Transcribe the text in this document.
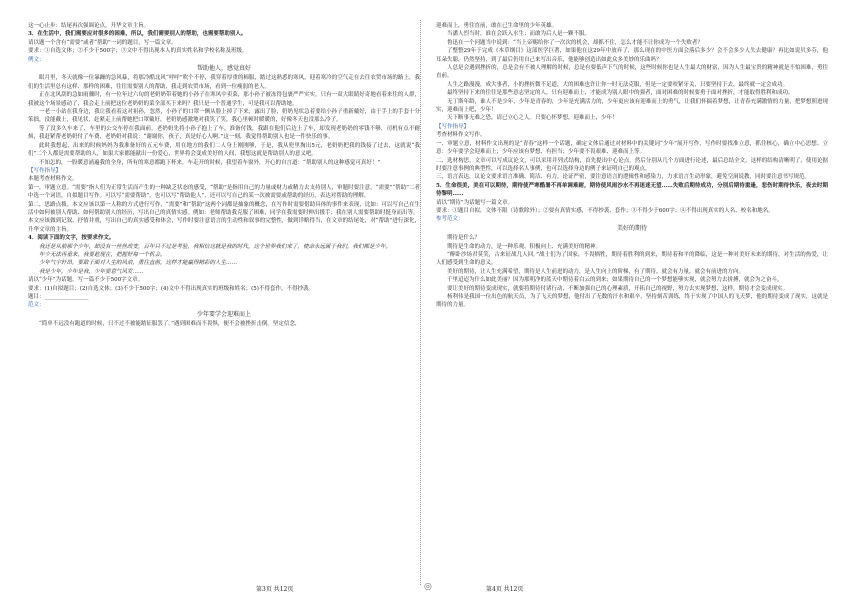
这一心止步：结尾再次强调论点，升华文章主旨。

3．在生活中，我们需要应对很多的困难，所以，我们需要别人的帮助，也需要帮助别人。

请以题一个含有“需要”或者“帮助”一词的题目，写一篇文章。

要求：①自选文体；②不少于500字；③文中不得出现本人的真实姓名和学校名称及班级。

例文：

帮助他人，感觉真好

眼月里，冬天就像一位暴躁的急风暴，将那冷酷北风“呼呼”吹个不停，我穿着厚重的棉服，踏过这熟悉的寒风，迎着寒冷的空气走在去往农贸市场的路上，我们的生活里总有这样、那样的困难，往往需要别人的帮助，我走到农贸市场，看到一位瘦弱的老人。

正在北风刮的急如雨骤时，有一位年过六旬的老奶奶带着她的小孙子在寒风中卖菜，那小孙子被冻得包裹严严实实，只有一双大眼睛好奇地看着来往的人群，我被这个场景感动了，我会走上前把这位老奶奶的菜全部买下来吗？我只是一个普通学生，可是我可以帮助她。

一老一小站在我身边，我让我看着这对祖孙，忽然，小孙子的口罩一侧从脸上掉了下来，露出了脸，奶奶见状急着要给小孙子重新戴好，由于手上的手套十分笨拙，没能戴上，我见状，赶紧走上前帮她把口罩戴好，老奶奶感激地对我笑了笑，我心里顿时暖暖的，好像冬天也没那么冷了。

等了没多久车来了，车里的公交车停在我面前，老奶奶先将小孙子抱上了车，准备付钱，我跟在他们后边上了车，却发现老奶奶的零钱不够，司机有点不耐烦，我赶紧帮老奶奶付了车费，老奶奶对我说：“谢谢你，孩子，真是好心人啊。”这一刻，我觉得帮助别人也是一件快乐的事。

此时我想起，出来的时候妈妈为我准备好的五元车费，用在地方的我们二人身上刚刚够，于是，我从兜里掏出5元，老奶奶把我的钱接了过去，这就说“我们”二个人都是需要帮助的人，如果大家都能献出一份爱心，世界将会变成美好的人间，我想这就是帮助别人的意义吧。

不知怎的，一股暖意涌遍我的全身，所有的寒意都跑下杯来，车走开的时候，我望着车窗外，开心的自言道：“帮助别人的这种感觉可真好！”

【写作指导】

本题考查材料作文。

第一，审题立意。“需要”指人们为正常生活而产生的一种缺乏状态的感受，“帮助”是指用自己的力量或财力或精力去支持别人，审题时要注意，“需要”“帮助”二者中选一个词语，自拟题目写作。可以写“需要帮助”，也可以写“帮助他人”，还可以写自己的某一次被需要或帮助的经历，表达对帮助的理解。

第二，思路点拨。本文应该以第一人称的方式进行写作，“需要”和“帮助”这两个词都是抽象的概念，在写作时需要借助具体的事件来表现，比如：可以写自己在生活中如何被别人帮助、如何帮助别人的经历，写出自己的真情实感。例如：老师帮助我克服了困难，同学在我需要时伸出援手；我在别人需要帮助时挺身而出等。

本文应该做到记叙、抒情并重，写出自己的真实感受和体会，写作时要注意语言的生动性和叙事的完整性，做到详略得当，在文章的结尾处，对“帮助”进行深化，升华文章的主旨。

4．阅读下面的文字，按要求作文。

我还是从前那个少年，却没有一丝丝改变，百年只不过是考验，我相信这就是我的时代，这个世界我们来了，使命永远属于我们，我们都是少年。

年少无法再重来，我要趁现在，把握好每一个机会。

少年气宇轩昂，要敢于面对人生的风浪，勇往直前，这样才能赢得精彩的人生……

我是少年，少年是我，少年要意气风发……

请以“少年”为话题，写一篇不少于500字文章。

要求：(1)自拟题目；(2)自选文体；(3)不少于500字；(4)文中不得出现真实的班级和姓名；(5)不得套作，不得抄袭。

题目：________________

范文：

少年要学会迎难而上

“简单不远没有跑道的时候，只不过不被能踏征服罢了。”遇到困难而不畏惧，便不会被挫折击倒。坚定信念，

迎难而上，勇往直前，敢在已生命里的少年英雄。

当潘人烈当时，谁在会跃入水生；而敢为后人是一颗不服。

鲁迅在一个问题当中说到：“当上帝赐给你了一次次的机会，却抓不住，怎么才能不让你成为一个失败者？

了整整29年于完成《本草纲目》这部医学巨著，如果他在这29年中放弃了，那么现在的中医方面会落后多少？会不会多少人失去健康？再比如说贝多芬，他耳朵失聪，仍然坚持，到了最后仍用自己来写出音乐，他能够创造出如此众多美妙的乐曲吗？

人总是会遇到挫折的，总是会有不被人理解的时候，总是有要低声下气的时候，这些时候你也是人生最大的财富，因为人生最宝贵的精神就是不怕困难，勇往直前。

人生之路漫漫，成大事者，小的挫折微不足道，大的困难也许让你一时无法克服，但是一定要咬紧牙关，只要坚持下去，最终就一定会成功。

最终坚持下来的往往是那些意志坚定的人，只有迎难而上，才能成为别人眼中的强者，面对困难的时候要勇于面对挫折，才能取得胜利和成功。

无丁斯年龄，谁人不是少年，少年是青春的，少年是充满活力的，少年更应该有迎难而上的勇气，让我们怀揣着梦想，让青春充满激情的力量，把梦想照进现实，迎难而上吧，少年！

天下断事无难之恐，请已立心之人。只要心怀梦想，迎难而上，少年！

【写作指导】

考查材料作文写作。

一、审题立意，材料作文出现的是“青春”这样一个话题，确定文体后通过对材料中的关键词“少年”展开写作，写作时要找准立意，抓住核心，确立中心思想。立意：少年要学会迎难而上；少年应该有梦想、有担当；少年要不畏艰难、迎难而上等。

二、选材构思，文章可以写成议论文，可以采用并列式结构，首先提出中心论点，然后分别从几个方面进行论述，最后总结全文，这样的结构清晰明了，使用论据时要注意事例的典型性，可以选择名人事例，也可以选择身边的例子来证明自己的观点。

三、语言表达，议论文要求语言准确、简洁、有力，论证严密，要注意语言的逻辑性和感染力，力求语言生动形象，避免空洞说教，同时要注意书写规范。

5．生命很美，美在可以期待，期待使严寒酷暑不再单调难耐，期待使风雨沙水不再迷迷无望……失败后期待成功，分别后期待重逢，悲伤时期待快乐，夜去时期待黎明……

请以“期待”为话题写一篇文章。

要求：①题目自拟，文体不限（诗歌除外）；②要有真情实感，不得抄袭、套作；③不得少于600字；④不得出现真实的人名、校名和地名。

参考范文：

美好的期待

期待是什么？

期待是生命的动力，是一种乐观、积极向上、充满美好的精神。

“醉卧沙场君莫笑，古来征战几人回。”战士们为了国家，不畏牺牲，期待着胜利的到来，期待着和平的降临，这是一种对美好未来的期待，对生活的热爱，让人们感受到生命的意义。

美好的期待，让人生充满希望，期待是人生前进的动力，是人生向上的阶梯，有了期待，就会有力量，就会有前进的方向。

千里迢迢为什么如此美丽？因为那明净的蓝天中期待着白云的到来；如果期待自己的一个梦想能够实现，就会努力去拼搏，就会为之奋斗。

要让美好的期待变成现实，就要将期待付诸行动，不断加强自己的心理素质，开拓自己的视野，努力去实现梦想，这样，期待才会变成现实。

杨利伟是我国一位出色的航天员，为了飞天的梦想，他付出了无数的汗水和艰辛，坚持刻苦训练，终于实现了中国人的飞天梦，他的期待变成了现实，这就是期待的力量。

第3页 共12页	◎	第4页 共12页
